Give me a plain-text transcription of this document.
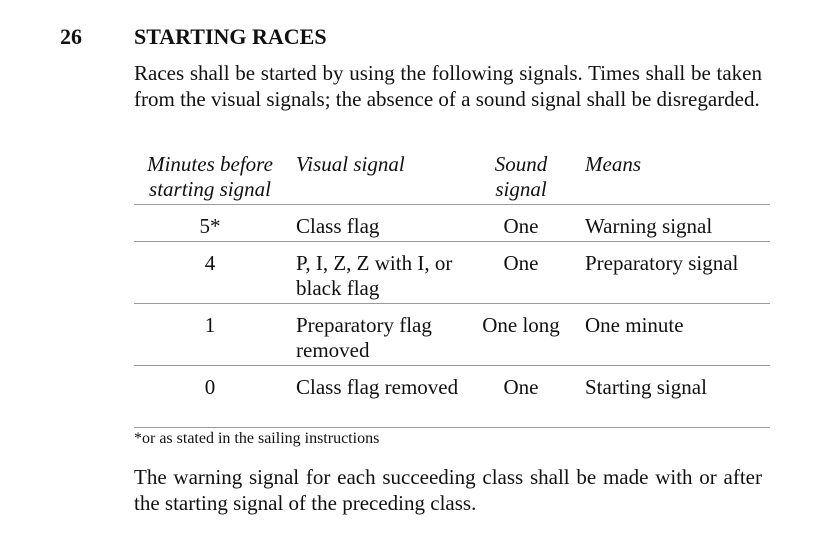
26 STARTING RACES

Races shall be started by using the following signals. Times shall be taken from the visual signals; the absence of a sound signal shall be disregarded.

Minutes before starting signal	Visual signal	Sound signal	Means
5*	Class flag	One	Warning signal
4	P, I, Z, Z with I, or black flag	One	Preparatory signal
1	Preparatory flag removed	One long	One minute
0	Class flag removed	One	Starting signal

*or as stated in the sailing instructions

The warning signal for each succeeding class shall be made with or after the starting signal of the preceding class.
